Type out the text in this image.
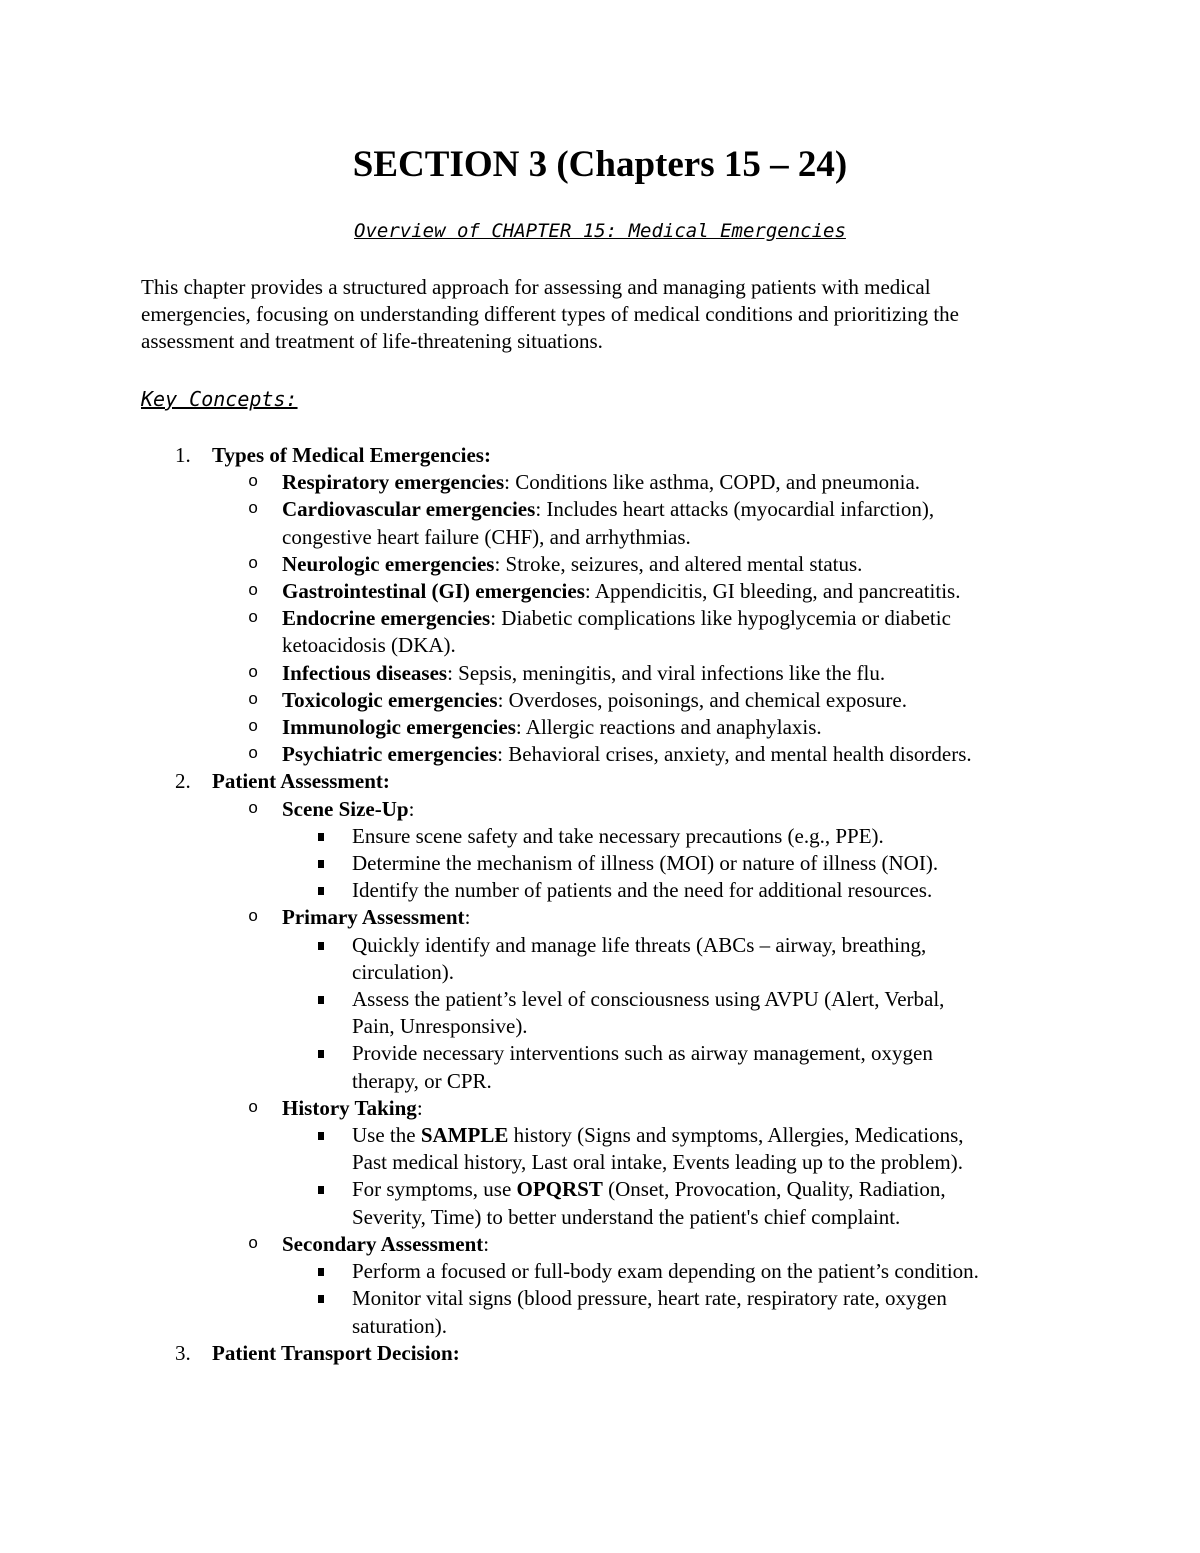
SECTION 3 (Chapters 15 – 24)

Overview of CHAPTER 15: Medical Emergencies

This chapter provides a structured approach for assessing and managing patients with medical
emergencies, focusing on understanding different types of medical conditions and prioritizing the
assessment and treatment of life-threatening situations.

Key Concepts:

1. Types of Medical Emergencies:
o Respiratory emergencies: Conditions like asthma, COPD, and pneumonia.
o Cardiovascular emergencies: Includes heart attacks (myocardial infarction),
congestive heart failure (CHF), and arrhythmias.
o Neurologic emergencies: Stroke, seizures, and altered mental status.
o Gastrointestinal (GI) emergencies: Appendicitis, GI bleeding, and pancreatitis.
o Endocrine emergencies: Diabetic complications like hypoglycemia or diabetic
ketoacidosis (DKA).
o Infectious diseases: Sepsis, meningitis, and viral infections like the flu.
o Toxicologic emergencies: Overdoses, poisonings, and chemical exposure.
o Immunologic emergencies: Allergic reactions and anaphylaxis.
o Psychiatric emergencies: Behavioral crises, anxiety, and mental health disorders.
2. Patient Assessment:
o Scene Size-Up:
Ensure scene safety and take necessary precautions (e.g., PPE).
Determine the mechanism of illness (MOI) or nature of illness (NOI).
Identify the number of patients and the need for additional resources.
o Primary Assessment:
Quickly identify and manage life threats (ABCs – airway, breathing,
circulation).
Assess the patient’s level of consciousness using AVPU (Alert, Verbal,
Pain, Unresponsive).
Provide necessary interventions such as airway management, oxygen
therapy, or CPR.
o History Taking:
Use the SAMPLE history (Signs and symptoms, Allergies, Medications,
Past medical history, Last oral intake, Events leading up to the problem).
For symptoms, use OPQRST (Onset, Provocation, Quality, Radiation,
Severity, Time) to better understand the patient's chief complaint.
o Secondary Assessment:
Perform a focused or full-body exam depending on the patient’s condition.
Monitor vital signs (blood pressure, heart rate, respiratory rate, oxygen
saturation).
3. Patient Transport Decision:
